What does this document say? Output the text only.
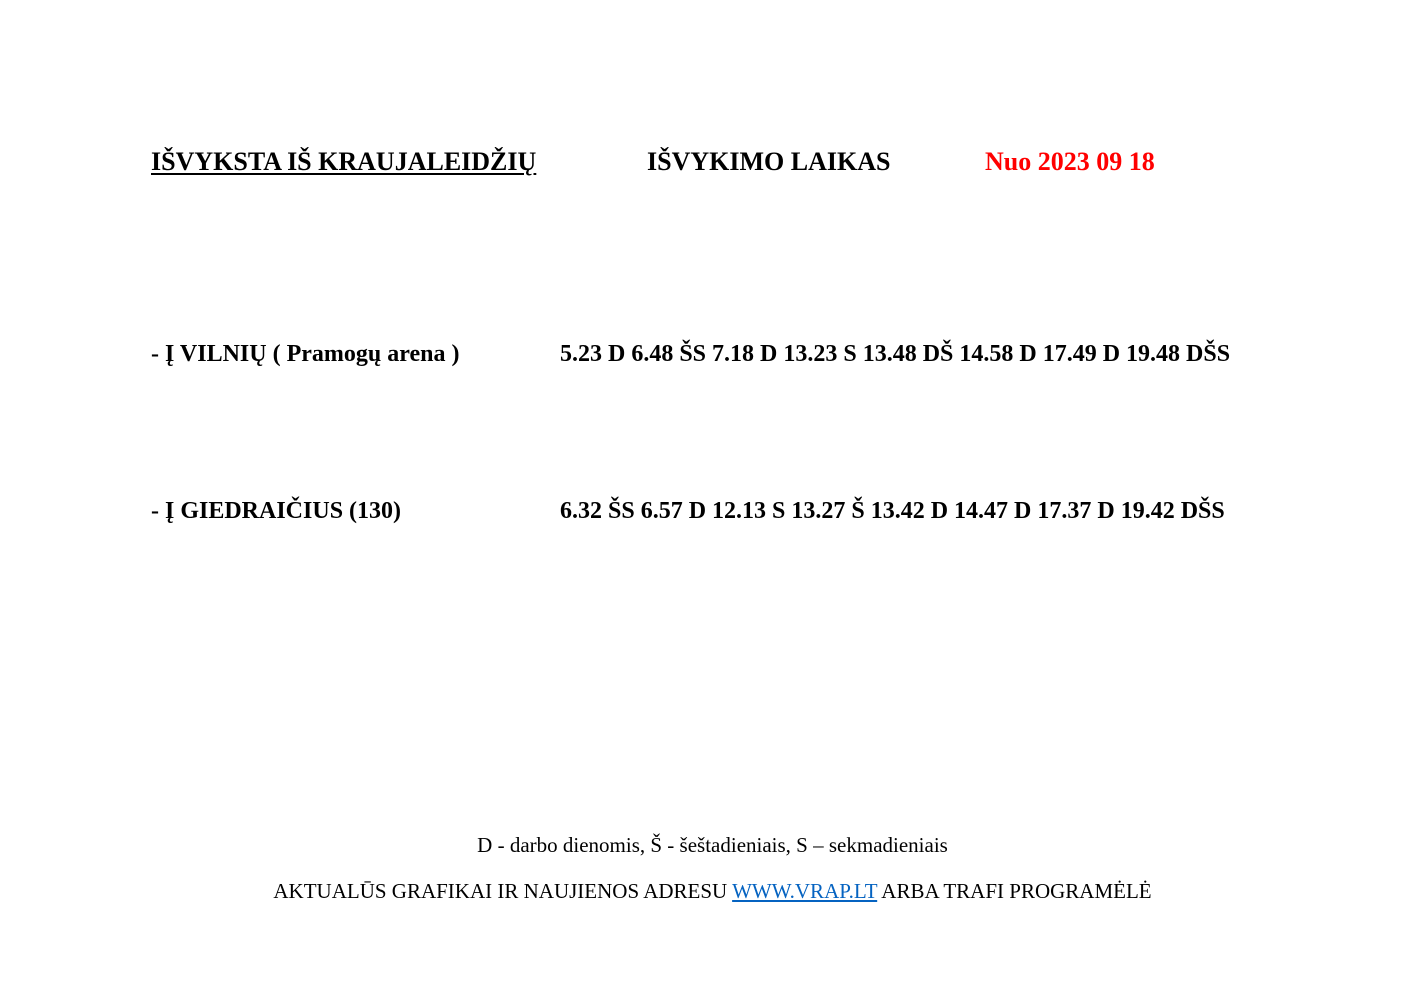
IŠVYKSTA IŠ KRAUJALEIDŽIŲ	IŠVYKIMO LAIKAS	Nuo 2023 09 18
- Į VILNIŲ ( Pramogų arena )	5.23 D 6.48 ŠS 7.18 D 13.23 S 13.48 DŠ 14.58 D 17.49 D 19.48 DŠS
- Į GIEDRAIČIUS (130)	6.32 ŠS 6.57 D 12.13 S 13.27 Š 13.42 D 14.47 D 17.37 D 19.42 DŠS
D - darbo dienomis, Š - šeštadieniais, S – sekmadieniais
AKTUALŪS GRAFIKAI IR NAUJIENOS ADRESU WWW.VRAP.LT ARBA TRAFI PROGRAMĖLĖ
